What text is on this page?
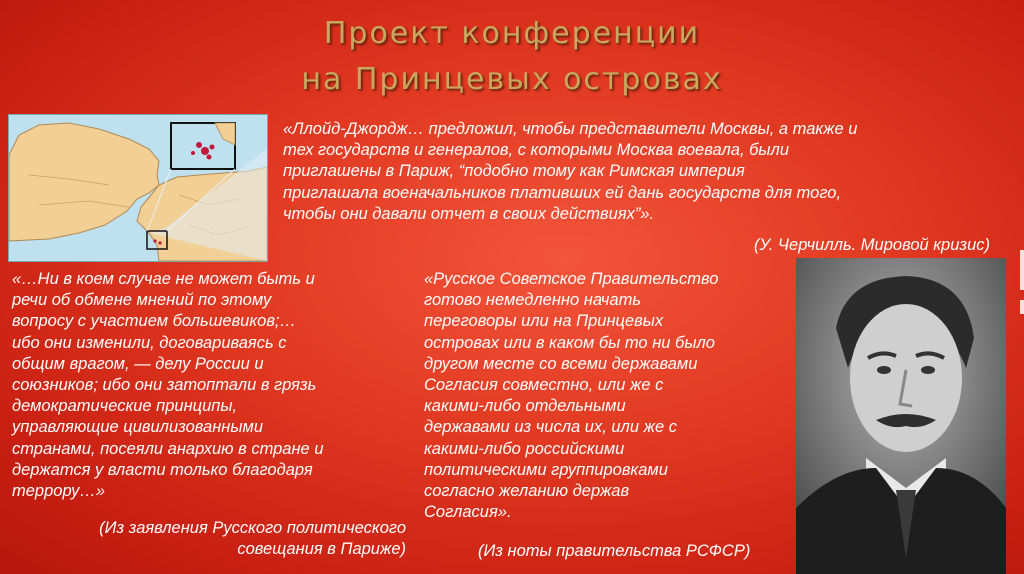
Проект конференции
на Принцевых островах
«Ллойд-Джордж… предложил, чтобы представители Москвы, а также и
тех государств и генералов, с которыми Москва воевала, были
приглашены в Париж, “подобно тому как Римская империя
приглашала военачальников плативших ей дань государств для того,
чтобы они давали отчет в своих действиях”».
(У. Черчилль. Мировой кризис)
«…Ни в коем случае не может быть и
речи об обмене мнений по этому
вопросу с участием большевиков;…
ибо они изменили, договариваясь с
общим врагом, — делу России и
союзников; ибо они затоптали в грязь
демократические принципы,
управляющие цивилизованными
странами, посеяли анархию в стране и
держатся у власти только благодаря
террору…»
(Из заявления Русского политического
совещания в Париже)
«Русское Советское Правительство
готово немедленно начать
переговоры или на Принцевых
островах или в каком бы то ни было
другом месте со всеми державами
Согласия совместно, или же с
какими-либо отдельными
державами из числа их, или же с
какими-либо российскими
политическими группировками
согласно желанию держав
Согласия».
(Из ноты правительства РСФСР)
